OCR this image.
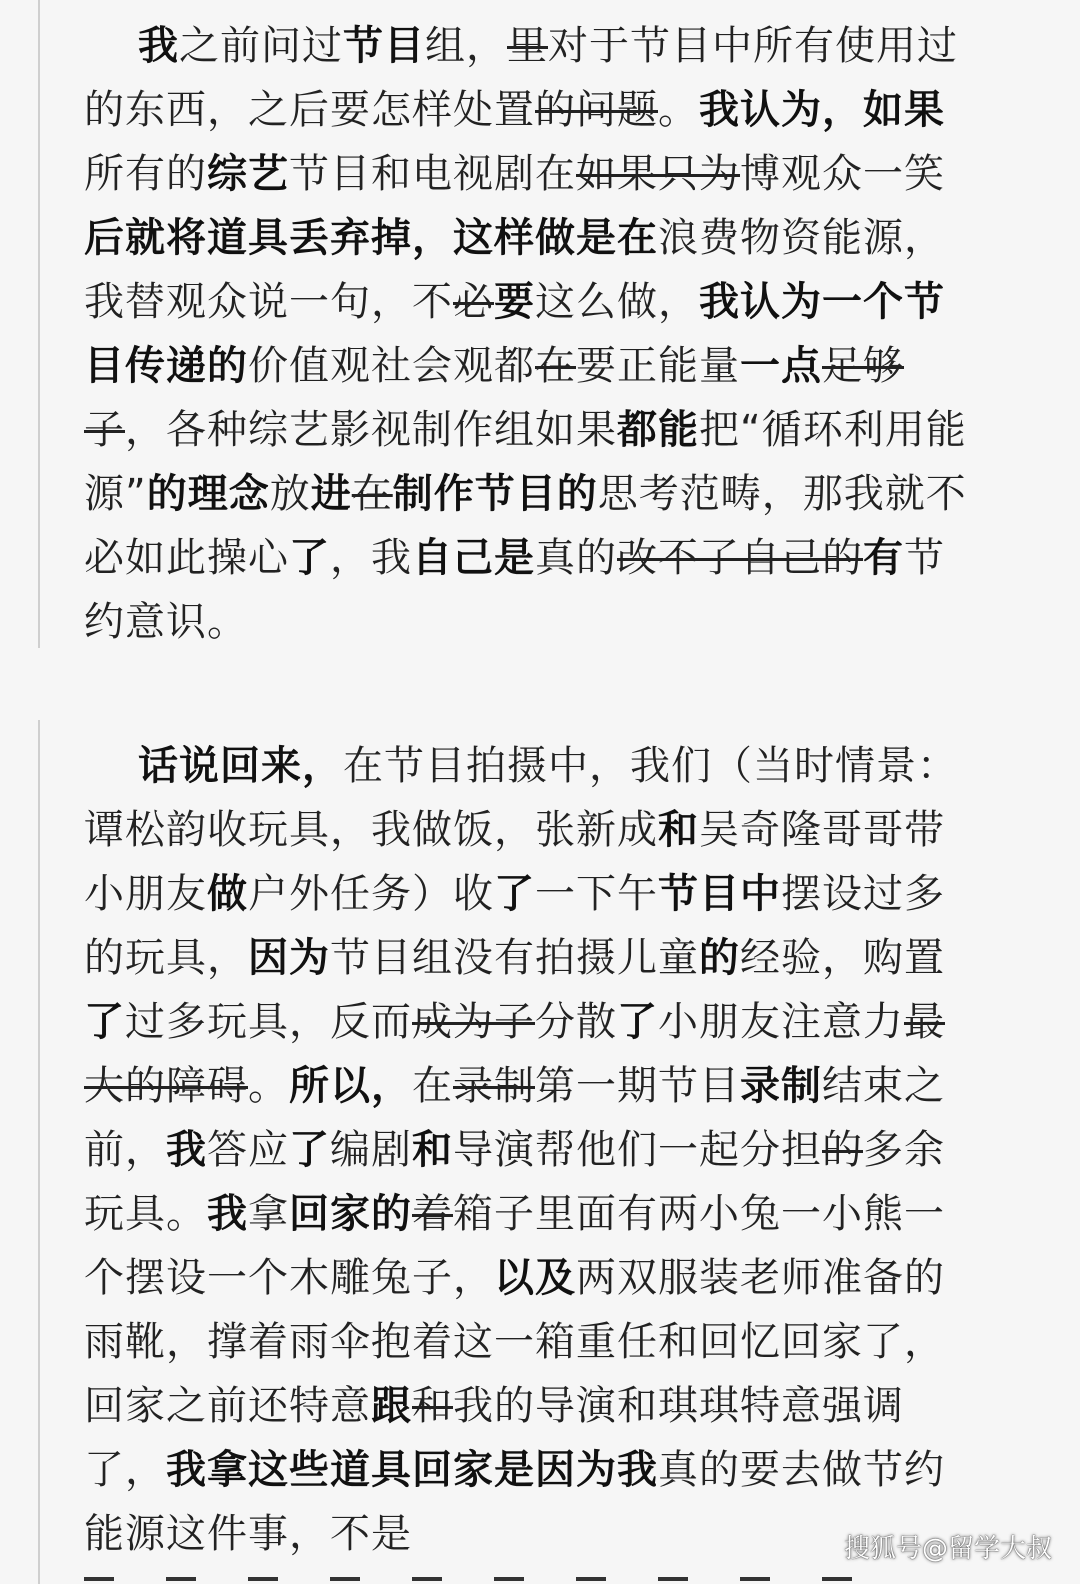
我之前问过节目组，里对于节目中所有使用过的东西，之后要怎样处置的问题。我认为，如果所有的综艺节目和电视剧在如果只为博观众一笑后就将道具丢弃掉，这样做是在浪费物资能源，我替观众说一句，不必要这么做，我认为一个节目传递的价值观社会观都在要正能量一点足够子，各种综艺影视制作组如果都能把“循环利用能源”的理念放进在制作节目的思考范畴，那我就不必如此操心了，我自己是真的改不了自己的有节约意识。

话说回来，在节目拍摄中，我们（当时情景：谭松韵收玩具，我做饭，张新成和吴奇隆哥哥带小朋友做户外任务）收了一下午节目中摆设过多的玩具，因为节目组没有拍摄儿童的经验，购置了过多玩具，反而成为子分散了小朋友注意力最大的障碍。所以，在录制第一期节目录制结束之前，我答应了编剧和导演帮他们一起分担的多余玩具。我拿回家的着箱子里面有两小兔一小熊一个摆设一个木雕兔子，以及两双服装老师准备的雨靴，撑着雨伞抱着这一箱重任和回忆回家了，回家之前还特意跟和我的导演和琪琪特意强调了，我拿这些道具回家是因为我真的要去做节约能源这件事，不是	搜狐号@留学大叔
